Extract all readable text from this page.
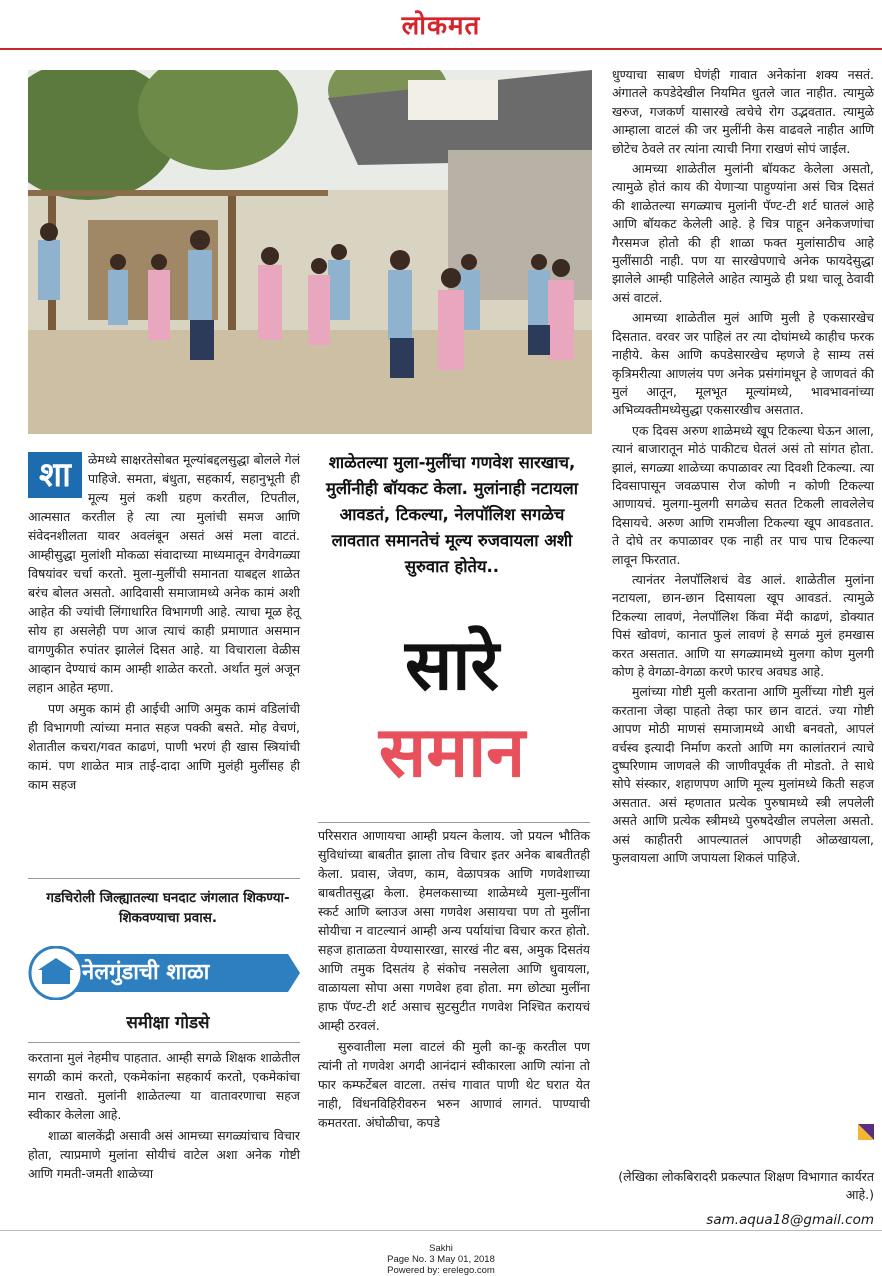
लोकमत
शा	ळेमध्ये साक्षरतेसोबत मूल्यांबद्दलसुद्धा बोलले गेलं पाहिजे. समता, बंधुता, सहकार्य, सहानुभूती ही मूल्य मुलं कशी ग्रहण करतील, टिपतील, आत्मसात करतील हे त्या त्या मुलांची समज आणि संवेदनशीलता यावर अवलंबून असतं असं मला वाटतं. आम्हीसुद्धा मुलांशी मोकळा संवादाच्या माध्यमातून वेगवेगळ्या विषयांवर चर्चा करतो. मुला-मुलींची समानता याबद्दल शाळेत बरंच बोलत असतो. आदिवासी समाजामध्ये अनेक कामं अशी आहेत की ज्यांची लिंगाधारित विभागणी आहे. त्याचा मूळ हेतू सोय हा असलेही पण आज त्याचं काही प्रमाणात असमान वागणुकीत रुपांतर झालेलं दिसत आहे. या विचाराला वेळीस आव्हान देण्याचं काम आम्ही शाळेत करतो. अर्थात मुलं अजून लहान आहेत म्हणा.

पण अमुक कामं ही आईची आणि अमुक कामं वडिलांची ही विभागणी त्यांच्या मनात सहज पक्की बसते. मोह वेचणं, शेतातील कचरा/गवत काढणं, पाणी भरणं ही खास स्त्रियांची कामं. पण शाळेत मात्र ताई-दादा आणि मुलंही मुलींसह ही काम सहज

गडचिरोली जिल्ह्यातल्या घनदाट जंगलात शिकण्या-शिकवण्याचा प्रवास.
नेलगुंडाची शाळा
समीक्षा गोडसे

करताना मुलं नेहमीच पाहतात. आम्ही सगळे शिक्षक शाळेतील सगळी कामं करतो, एकमेकांना सहकार्य करतो, एकमेकांचा मान राखतो. मुलांनी शाळेतल्या या वातावरणाचा सहज स्वीकार केलेला आहे.

शाळा बालकेंद्री असावी असं आमच्या सगळ्यांचाच विचार होता, त्याप्रमाणे मुलांना सोयीचं वाटेल अशा अनेक गोष्टी आणि गमती-जमती शाळेच्या

शाळेतल्या मुला-मुलींचा गणवेश सारखाच, मुलींनीही बॉयकट केला. मुलांनाही नटायला आवडतं, टिकल्या, नेलपॉलिश सगळेच लावतात समानतेचं मूल्य रुजवायला अशी सुरुवात होतेय..
सारे
समान

परिसरात आणायचा आम्ही प्रयत्न केलाय. जो प्रयत्न भौतिक सुविधांच्या बाबतीत झाला तोच विचार इतर अनेक बाबतीतही केला. प्रवास, जेवण, काम, वेळापत्रक आणि गणवेशाच्या बाबतीतसुद्धा केला. हेमलकसाच्या शाळेमध्ये मुला-मुलींना स्कर्ट आणि ब्लाउज असा गणवेश असायचा पण तो मुलींना सोयीचा न वाटल्यानं आम्ही अन्य पर्यायांचा विचार करत होतो. सहज हाताळता येण्यासारखा, सारखं नीट बस, अमुक दिसतंय आणि तमुक दिसतंय हे संकोच नसलेला आणि धुवायला, वाळायला सोपा असा गणवेश हवा होता. मग छोट्या मुलींना हाफ पॅण्ट-टी शर्ट असाच सुटसुटीत गणवेश निश्चित करायचं आम्ही ठरवलं.

सुरुवातीला मला वाटलं की मुली का-कू करतील पण त्यांनी तो गणवेश अगदी आनंदानं स्वीकारला आणि त्यांना तो फार कम्फर्टेबल वाटला. तसंच गावात पाणी थेट घरात येत नाही, विंधनविहिरीवरुन भरुन आणावं लागतं. पाण्याची कमतरता. अंघोळीचा, कपडे

धुण्याचा साबण घेणंही गावात अनेकांना शक्य नसतं. अंगातले कपडेदेखील नियमित धुतले जात नाहीत. त्यामुळे खरुज, गजकर्ण यासारखे त्वचेचे रोग उद्भवतात. त्यामुळे आम्हाला वाटलं की जर मुलींनी केस वाढवले नाहीत आणि छोटेच ठेवले तर त्यांना त्याची निगा राखणं सोपं जाईल.

आमच्या शाळेतील मुलांनी बॉयकट केलेला असतो, त्यामुळे होतं काय की येणाऱ्या पाहुण्यांना असं चित्र दिसतं की शाळेतल्या सगळ्याच मुलांनी पॅण्ट-टी शर्ट घातलं आहे आणि बॉयकट केलेली आहे. हे चित्र पाहून अनेकजणांचा गैरसमज होतो की ही शाळा फक्त मुलांसाठीच आहे मुलींसाठी नाही. पण या सारखेपणाचे अनेक फायदेसुद्धा झालेले आम्ही पाहिलेले आहेत त्यामुळे ही प्रथा चालू ठेवावी असं वाटलं.

आमच्या शाळेतील मुलं आणि मुली हे एकसारखेच दिसतात. वरवर जर पाहिलं तर त्या दोघांमध्ये काहीच फरक नाहीये. केस आणि कपडेसारखेच म्हणजे हे साम्य तसं कृत्रिमरीत्या आणलंय पण अनेक प्रसंगांमधून हे जाणवतं की मुलं आतून, मूलभूत मूल्यांमध्ये, भावभावनांच्या अभिव्यक्तीमध्येसुद्धा एकसारखीच असतात.

एक दिवस अरुण शाळेमध्ये खूप टिकल्या घेऊन आला, त्यानं बाजारातून मोठं पाकीटच घेतलं असं तो सांगत होता. झालं, सगळ्या शाळेच्या कपाळावर त्या दिवशी टिकल्या. त्या दिवसापासून जवळपास रोज कोणी न कोणी टिकल्या आणायचं. मुलगा-मुलगी सगळेच सतत टिकली लावलेलेच दिसायचे. अरुण आणि रामजीला टिकल्या खूप आवडतात. ते दोघे तर कपाळावर एक नाही तर पाच पाच टिकल्या लावून फिरतात.

त्यानंतर नेलपॉलिशचं वेड आलं. शाळेतील मुलांना नटायला, छान-छान दिसायला खूप आवडतं. त्यामुळे टिकल्या लावणं, नेलपॉलिश किंवा मेंदी काढणं, डोक्यात पिसं खोवणं, कानात फुलं लावणं हे सगळं मुलं हमखास करत असतात. आणि या सगळ्यामध्ये मुलगा कोण मुलगी कोण हे वेगळा-वेगळा करणे फारच अवघड आहे.

मुलांच्या गोष्टी मुली करताना आणि मुलींच्या गोष्टी मुलं करताना जेव्हा पाहतो तेव्हा फार छान वाटतं. ज्या गोष्टी आपण मोठी माणसं समाजामध्ये आधी बनवतो, आपलं वर्चस्व इत्यादी निर्माण करतो आणि मग कालांतरानं त्याचे दुष्परिणाम जाणवले की जाणीवपूर्वक ती मोडतो. ते साधे सोपे संस्कार, शहाणपण आणि मूल्य मुलांमध्ये किती सहज असतात. असं म्हणतात प्रत्येक पुरुषामध्ये स्त्री लपलेली असते आणि प्रत्येक स्त्रीमध्ये पुरुषदेखील लपलेला असतो. असं काहीतरी आपल्यातलं आपणही ओळखायला, फुलवायला आणि जपायला शिकलं पाहिजे.

(लेखिका लोकबिरादरी प्रकल्पात शिक्षण विभागात कार्यरत आहे.)
sam.aqua18@gmail.com
Sakhi
Page No. 3 May 01, 2018
Powered by: erelego.com
